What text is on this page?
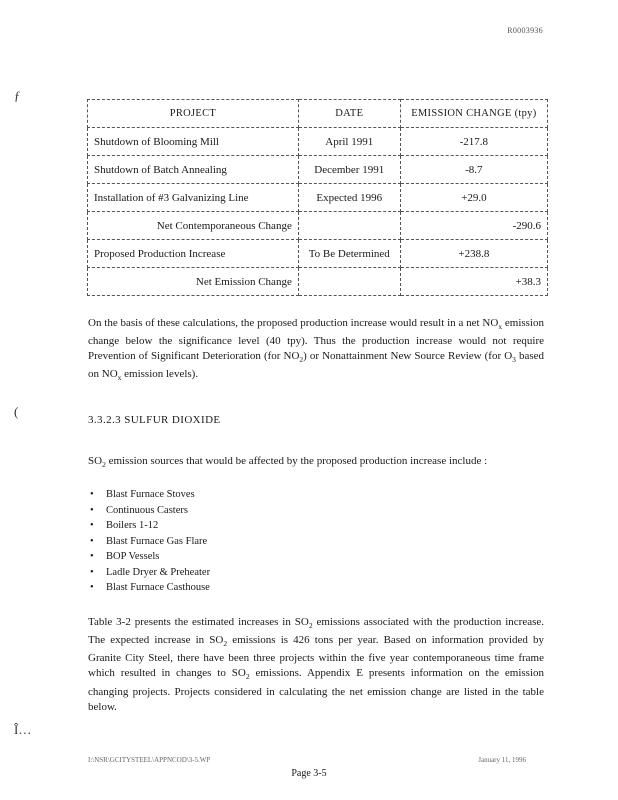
R0003936
ƒ
(
Î…
PROJECT	DATE	EMISSION CHANGE (tpy)
Shutdown of Blooming Mill	April 1991	-217.8
Shutdown of Batch Annealing	December 1991	-8.7
Installation of #3 Galvanizing Line	Expected 1996	+29.0
Net Contemporaneous Change		-290.6
Proposed Production Increase	To Be Determined	+238.8
Net Emission Change		+38.3

On the basis of these calculations, the proposed production increase would result in a net $NO_x$ emission change below the significance level (40 tpy). Thus the production increase would not require Prevention of Significant Deterioration (for $NO_2$) or Nonattainment New Source Review (for $O_3$ based on $NO_x$ emission levels).

3.3.2.3 SULFUR DIOXIDE
$SO_2$ emission sources that would be affected by the proposed production increase include :
• Blast Furnace Stoves
• Continuous Casters
• Boilers 1-12
• Blast Furnace Gas Flare
• BOP Vessels
• Ladle Dryer & Preheater
• Blast Furnace Casthouse

Table 3-2 presents the estimated increases in $SO_2$ emissions associated with the production increase. The expected increase in $SO_2$ emissions is 426 tons per year. Based on information provided by Granite City Steel, there have been three projects within the five year contemporaneous time frame which resulted in changes to $SO_2$ emissions. Appendix E presents information on the emission changing projects. Projects considered in calculating the net emission change are listed in the table below.

I:\NSR\GCITYSTEEL\APPNCOD\3-5.WP
Page 3-5
January 11, 1996
